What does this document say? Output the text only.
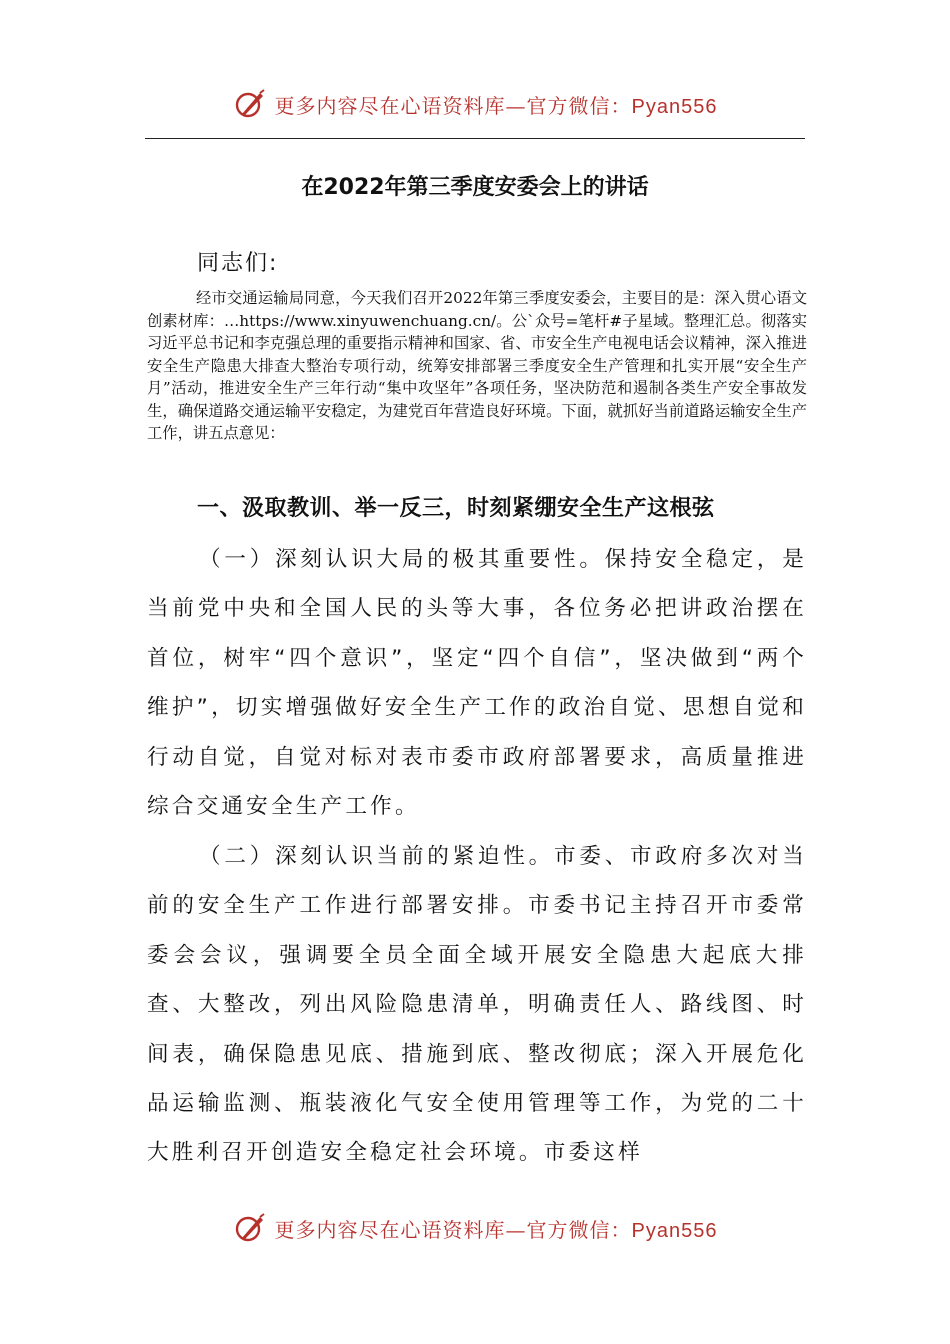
更多内容尽在心语资料库—官方微信：Pyan556
在2022年第三季度安委会上的讲话
同志们:

经市交通运输局同意，今天我们召开2022年第三季度安委会，主要目的是：深入贯心语文创素材库：…https://www.xinyuwenchuang.cn/。公`众号=笔杆#子星域。整理汇总。彻落实习近平总书记和李克强总理的重要指示精神和国家、省、市安全生产电视电话会议精神，深入推进安全生产隐患大排查大整治专项行动，统筹安排部署三季度安全生产管理和扎实开展“安全生产月”活动，推进安全生产三年行动“集中攻坚年”各项任务，坚决防范和遏制各类生产安全事故发生，确保道路交通运输平安稳定，为建党百年营造良好环境。下面，就抓好当前道路运输安全生产工作，讲五点意见：

一、汲取教训、举一反三，时刻紧绷安全生产这根弦

（一）深刻认识大局的极其重要性。保持安全稳定，是当前党中央和全国人民的头等大事，各位务必把讲政治摆在首位，树牢“四个意识”，坚定“四个自信”，坚决做到“两个维护”，切实增强做好安全生产工作的政治自觉、思想自觉和行动自觉，自觉对标对表市委市政府部署要求，高质量推进综合交通安全生产工作。

（二）深刻认识当前的紧迫性。市委、市政府多次对当前的安全生产工作进行部署安排。市委书记主持召开市委常委会会议，强调要全员全面全域开展安全隐患大起底大排查、大整改，列出风险隐患清单，明确责任人、路线图、时间表，确保隐患见底、措施到底、整改彻底；深入开展危化品运输监测、瓶装液化气安全使用管理等工作，为党的二十大胜利召开创造安全稳定社会环境。市委这样

更多内容尽在心语资料库—官方微信：Pyan556
